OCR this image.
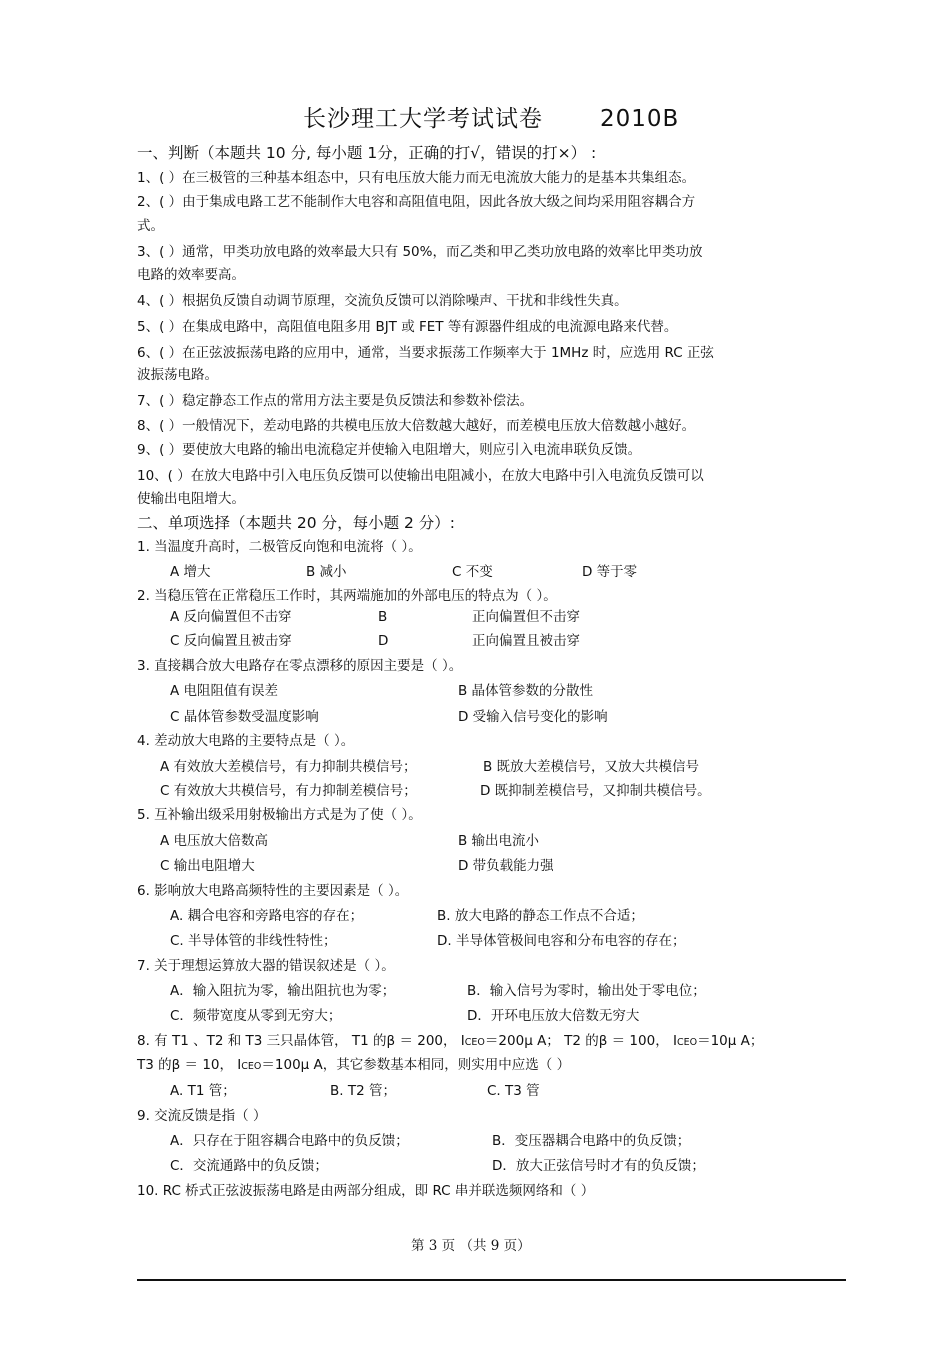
长沙理工大学考试试卷 2010B
一、判断（本题共 10 分, 每小题 1分，正确的打√，错误的打×） :
1、( ）在三极管的三种基本组态中，只有电压放大能力而无电流放大能力的是基本共集组态。
2、( ）由于集成电路工艺不能制作大电容和高阻值电阻，因此各放大级之间均采用阻容耦合方
式。
3、( ）通常，甲类功放电路的效率最大只有 50%，而乙类和甲乙类功放电路的效率比甲类功放
电路的效率要高。
4、( ）根据负反馈自动调节原理，交流负反馈可以消除噪声、干扰和非线性失真。
5、( ）在集成电路中，高阻值电阻多用 BJT 或 FET 等有源器件组成的电流源电路来代替。
6、( ）在正弦波振荡电路的应用中，通常，当要求振荡工作频率大于 1MHz 时，应选用 RC 正弦
波振荡电路。
7、( ）稳定静态工作点的常用方法主要是负反馈法和参数补偿法。
8、( ）一般情况下，差动电路的共模电压放大倍数越大越好，而差模电压放大倍数越小越好。
9、( ）要使放大电路的输出电流稳定并使输入电阻增大，则应引入电流串联负反馈。
10、( ）在放大电路中引入电压负反馈可以使输出电阻减小，在放大电路中引入电流负反馈可以
使输出电阻增大。
二、单项选择（本题共 20 分，每小题 2 分）:
1. 当温度升高时，二极管反向饱和电流将（ ）。
A 增大	B 减小	C 不变	D 等于零
2. 当稳压管在正常稳压工作时，其两端施加的外部电压的特点为（ ）。
A 反向偏置但不击穿	B	正向偏置但不击穿
C 反向偏置且被击穿	D	正向偏置且被击穿
3. 直接耦合放大电路存在零点漂移的原因主要是（ ）。
A 电阻阻值有误差	B 晶体管参数的分散性
C 晶体管参数受温度影响	D 受输入信号变化的影响
4. 差动放大电路的主要特点是（ ）。
A 有效放大差模信号，有力抑制共模信号；	B 既放大差模信号，又放大共模信号
C 有效放大共模信号，有力抑制差模信号；	D 既抑制差模信号，又抑制共模信号。
5. 互补输出级采用射极输出方式是为了使（ ）。
A 电压放大倍数高	B 输出电流小
C 输出电阻增大	D 带负载能力强
6. 影响放大电路高频特性的主要因素是（ ）。
A. 耦合电容和旁路电容的存在；	B. 放大电路的静态工作点不合适；
C. 半导体管的非线性特性；	D. 半导体管极间电容和分布电容的存在；
7. 关于理想运算放大器的错误叙述是（ ）。
A．输入阻抗为零，输出阻抗也为零；	B．输入信号为零时，输出处于零电位；
C．频带宽度从零到无穷大；	D．开环电压放大倍数无穷大
8. 有 T1 、T2 和 T3 三只晶体管， T1 的β ＝ 200， ICEO＝200μ A； T2 的β ＝ 100， ICEO＝10μ A；
T3 的β ＝ 10， ICEO＝100μ A，其它参数基本相同，则实用中应选（ ）
A. T1 管；	B. T2 管；	C. T3 管
9. 交流反馈是指（ ）
A．只存在于阻容耦合电路中的负反馈；	B．变压器耦合电路中的负反馈；
C．交流通路中的负反馈；	D．放大正弦信号时才有的负反馈；
10. RC 桥式正弦波振荡电路是由两部分组成，即 RC 串并联选频网络和（ ）
第 3 页 （共 9 页）
